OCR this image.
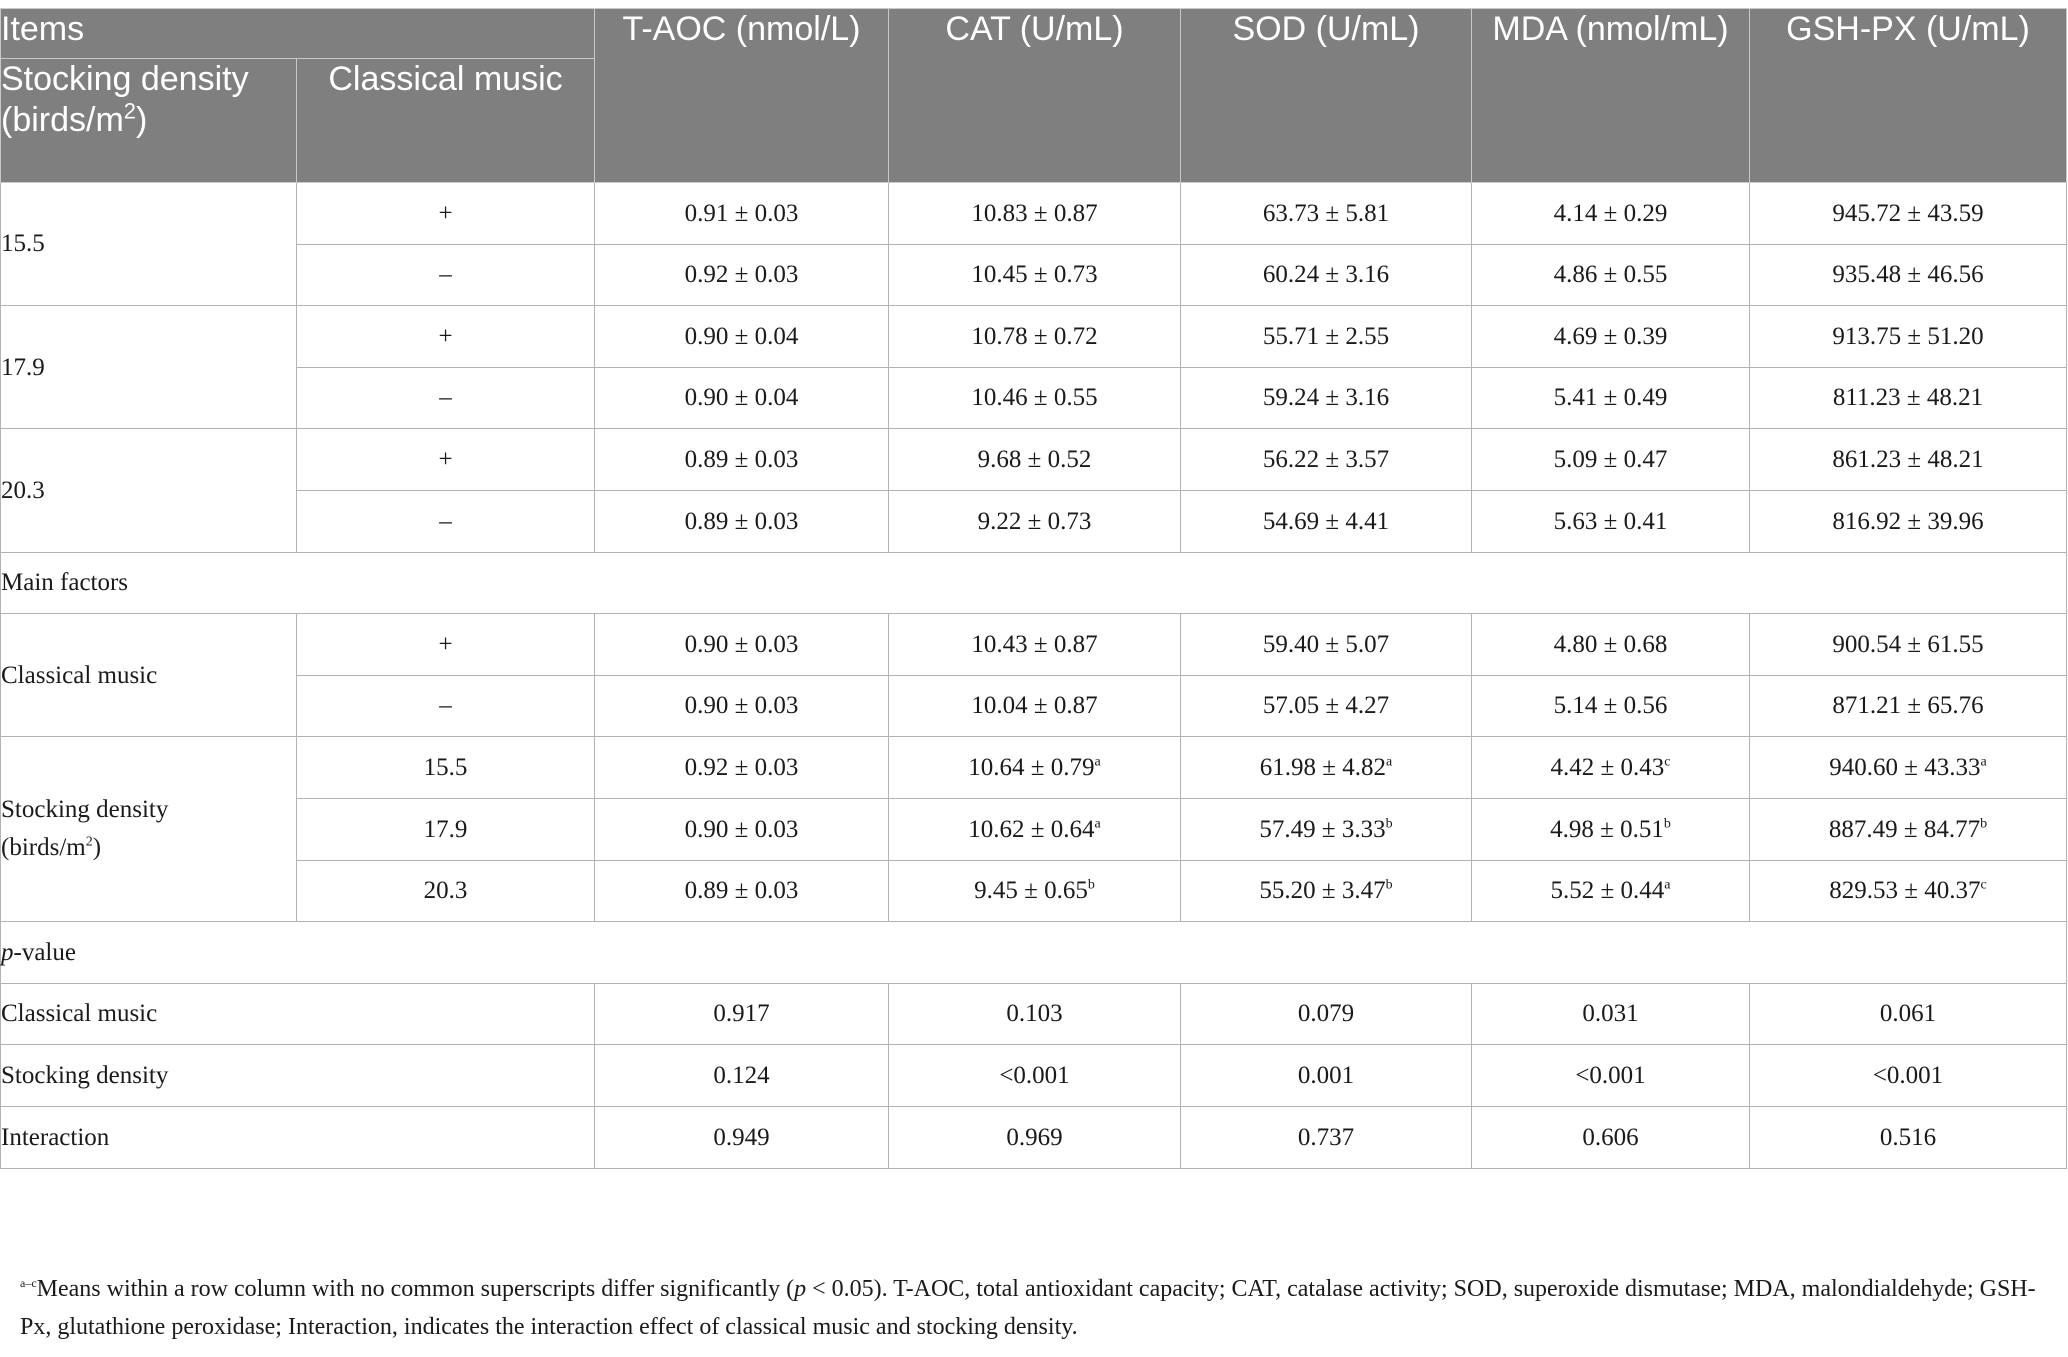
Items		T-AOC (nmol/L)	CAT (U/mL)	SOD (U/mL)	MDA (nmol/mL)	GSH-PX (U/mL)
Stocking density $(birds/m^2)$	Classical music					
15.5	+	0.91 ± 0.03	10.83 ± 0.87	63.73 ± 5.81	4.14 ± 0.29	945.72 ± 43.59
	–	0.92 ± 0.03	10.45 ± 0.73	60.24 ± 3.16	4.86 ± 0.55	935.48 ± 46.56
17.9	+	0.90 ± 0.04	10.78 ± 0.72	55.71 ± 2.55	4.69 ± 0.39	913.75 ± 51.20
	–	0.90 ± 0.04	10.46 ± 0.55	59.24 ± 3.16	5.41 ± 0.49	811.23 ± 48.21
20.3	+	0.89 ± 0.03	9.68 ± 0.52	56.22 ± 3.57	5.09 ± 0.47	861.23 ± 48.21
	–	0.89 ± 0.03	9.22 ± 0.73	54.69 ± 4.41	5.63 ± 0.41	816.92 ± 39.96
Main factors						
Classical music	+	0.90 ± 0.03	10.43 ± 0.87	59.40 ± 5.07	4.80 ± 0.68	900.54 ± 61.55
	–	0.90 ± 0.03	10.04 ± 0.87	57.05 ± 4.27	5.14 ± 0.56	871.21 ± 65.76
Stocking density
$(birds/m^2)$	15.5	0.92 ± 0.03	10.64 ± 0.79$^a$	61.98 ± 4.82$^a$	4.42 ± 0.43$^c$	940.60 ± 43.33$^a$
	17.9	0.90 ± 0.03	10.62 ± 0.64$^a$	57.49 ± 3.33$^b$	4.98 ± 0.51$^b$	887.49 ± 84.77$^b$
	20.3	0.89 ± 0.03	9.45 ± 0.65$^b$	55.20 ± 3.47$^b$	5.52 ± 0.44$^a$	829.53 ± 40.37$^c$
p-value						
Classical music		0.917	0.103	0.079	0.031	0.061
Stocking density		0.124	<0.001	0.001	<0.001	<0.001
Interaction		0.949	0.969	0.737	0.606	0.516
$^{a-c}$Means within a row column with no common superscripts differ significantly (p < 0.05). T-AOC, total antioxidant capacity; CAT, catalase activity; SOD, superoxide dismutase; MDA, malondialdehyde; GSH-Px, glutathione peroxidase; Interaction, indicates the interaction effect of classical music and stocking density.
